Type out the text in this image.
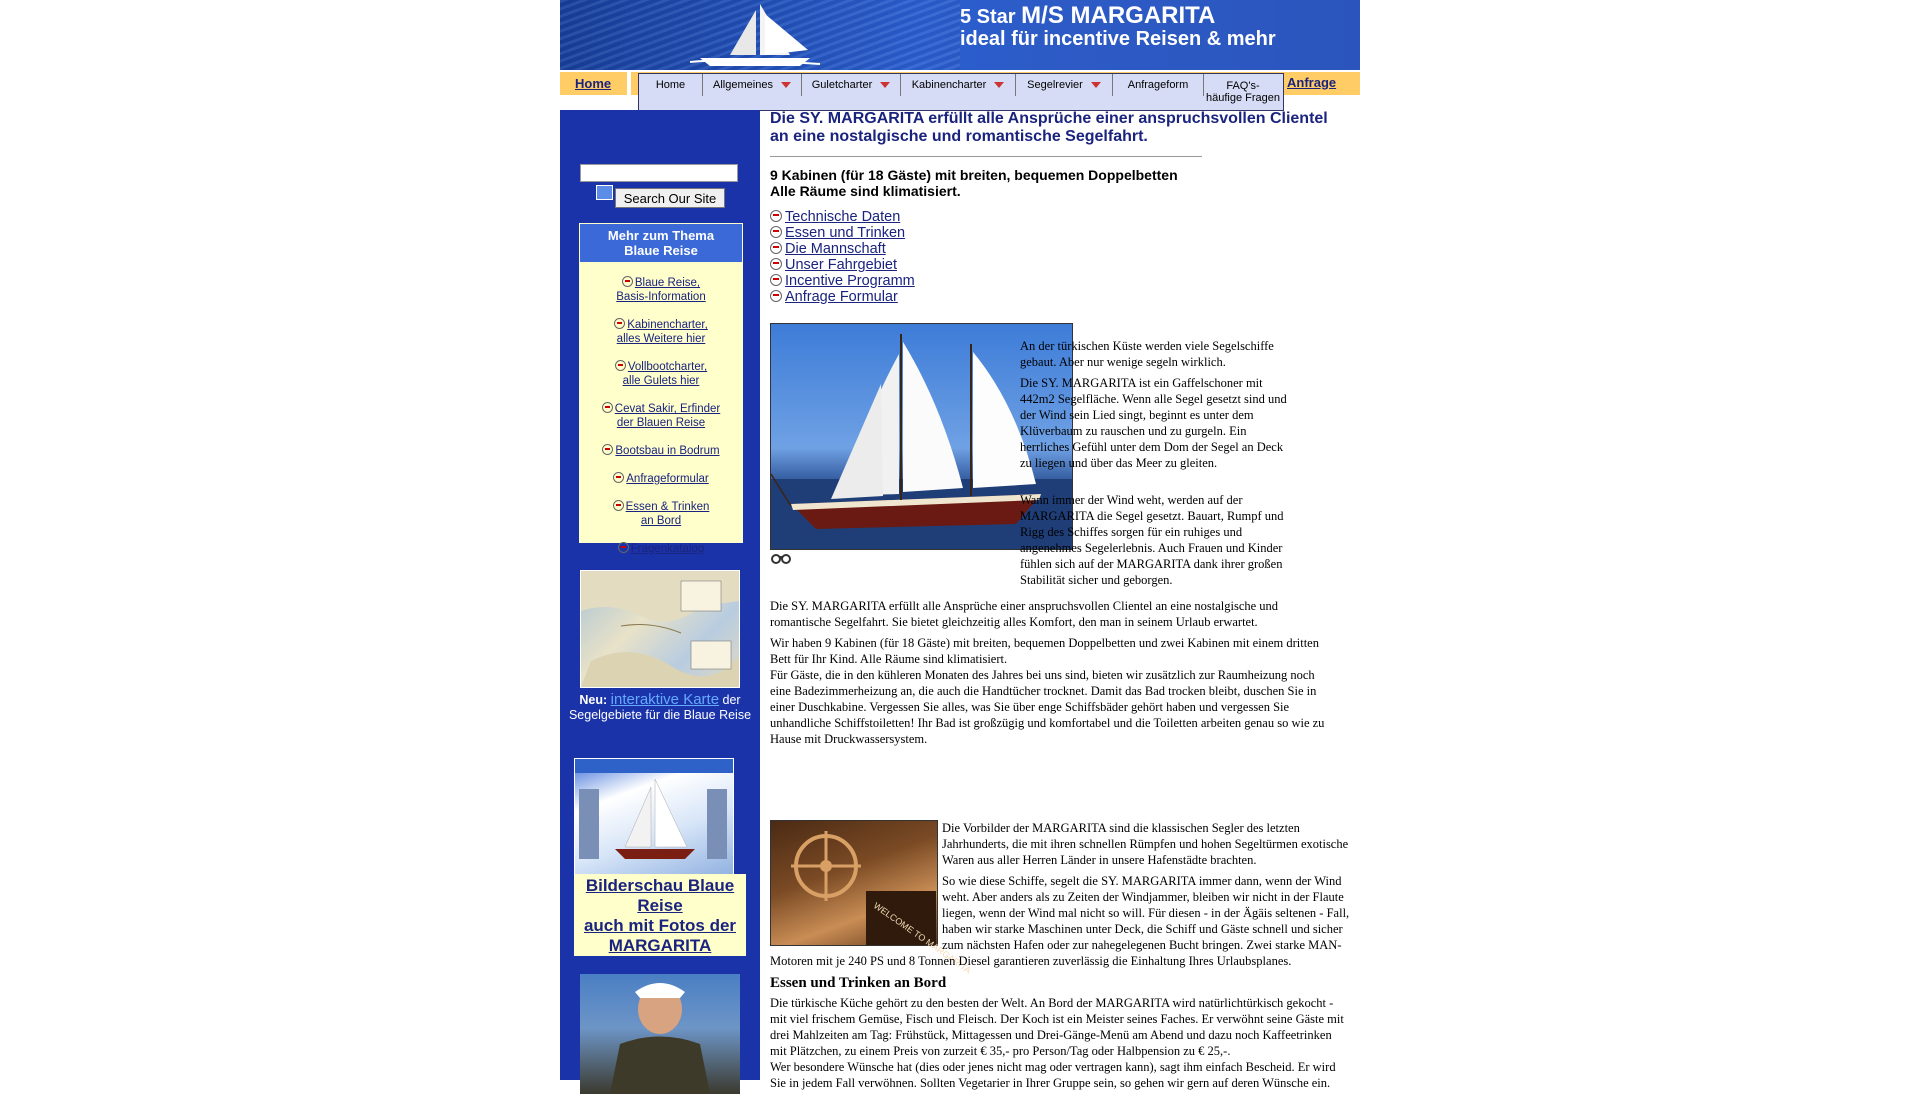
5 Star M/S MARGARITA
ideal für incentive Reisen & mehr
Home	Anfrage
Home	Allgemeines	Guletcharter	Kabinencharter	Segelrevier	Anfrageform	FAQ's-
häufige Fragen
Search Our Site
Mehr zum Thema
Blaue Reise
Blaue Reise,
Basis-Information
Kabinencharter,
alles Weitere hier
Vollbootcharter,
alle Gulets hier
Cevat Sakir, Erfinder
der Blauen Reise
Bootsbau in Bodrum
Anfrageformular
Essen & Trinken
an Bord
Fragenkatalog
Neu: interaktive Karte der Segelgebiete für die Blaue Reise
Bilderschau Blaue Reise
auch mit Fotos der MARGARITA
Die SY. MARGARITA erfüllt alle Ansprüche einer anspruchsvollen Clientel an eine nostalgische und romantische Segelfahrt.

9 Kabinen (für 18 Gäste) mit breiten, bequemen Doppelbetten
Alle Räume sind klimatisiert.

Technische Daten
Essen und Trinken
Die Mannschaft
Unser Fahrgebiet
Incentive Programm
Anfrage Formular

An der türkischen Küste werden viele Segelschiffe gebaut. Aber nur wenige segeln wirklich.

Die SY. MARGARITA ist ein Gaffelschoner mit 442m2 Segelfläche. Wenn alle Segel gesetzt sind und der Wind sein Lied singt, beginnt es unter dem Klüverbaum zu rauschen und zu gurgeln. Ein herrliches Gefühl unter dem Dom der Segel an Deck zu liegen und über das Meer zu gleiten.

Wann immer der Wind weht, werden auf der MARGARITA die Segel gesetzt. Bauart, Rumpf und Rigg des Schiffes sorgen für ein ruhiges und angenehmes Segelerlebnis. Auch Frauen und Kinder fühlen sich auf der MARGARITA dank ihrer großen Stabilität sicher und geborgen.

Die SY. MARGARITA erfüllt alle Ansprüche einer anspruchsvollen Clientel an eine nostalgische und romantische Segelfahrt. Sie bietet gleichzeitig alles Komfort, den man in seinem Urlaub erwartet.

Wir haben 9 Kabinen (für 18 Gäste) mit breiten, bequemen Doppelbetten und zwei Kabinen mit einem dritten Bett für Ihr Kind. Alle Räume sind klimatisiert.

Für Gäste, die in den kühleren Monaten des Jahres bei uns sind, bieten wir zusätzlich zur Raumheizung noch eine Badezimmerheizung an, die auch die Handtücher trocknet. Damit das Bad trocken bleibt, duschen Sie in einer Duschkabine. Vergessen Sie alles, was Sie über enge Schiffsbäder gehört haben und vergessen Sie unhandliche Schiffstoiletten! Ihr Bad ist großzügig und komfortabel und die Toiletten arbeiten genau so wie zu Hause mit Druckwassersystem.

WELCOME TO MARGARITA

Die Vorbilder der MARGARITA sind die klassischen Segler des letzten Jahrhunderts, die mit ihren schnellen Rümpfen und hohen Segeltürmen exotische Waren aus aller Herren Länder in unsere Hafenstädte brachten.

So wie diese Schiffe, segelt die SY. MARGARITA immer dann, wenn der Wind weht. Aber anders als zu Zeiten der Windjammer, bleiben wir nicht in der Flaute liegen, wenn der Wind mal nicht so will. Für diesen - in der Ägäis seltenen - Fall, haben wir starke Maschinen unter Deck, die Schiff und Gäste schnell und sicher zum nächsten Hafen oder zur nahegelegenen Bucht bringen. Zwei starke MAN-Motoren mit je 240 PS und 8 Tonnen Diesel garantieren zuverlässig die Einhaltung Ihres Urlaubsplanes.

Essen und Trinken an Bord

Die türkische Küche gehört zu den besten der Welt. An Bord der MARGARITA wird natürlichtürkisch gekocht - mit viel frischem Gemüse, Fisch und Fleisch. Der Koch ist ein Meister seines Faches. Er verwöhnt seine Gäste mit drei Mahlzeiten am Tag: Frühstück, Mittagessen und Drei-Gänge-Menü am Abend und dazu noch Kaffeetrinken mit Plätzchen, zu einem Preis von zurzeit € 35,- pro Person/Tag oder Halbpension zu € 25,-.

Wer besondere Wünsche hat (dies oder jenes nicht mag oder vertragen kann), sagt ihm einfach Bescheid. Er wird Sie in jedem Fall verwöhnen. Sollten Vegetarier in Ihrer Gruppe sein, so gehen wir gern auf deren Wünsche ein.
